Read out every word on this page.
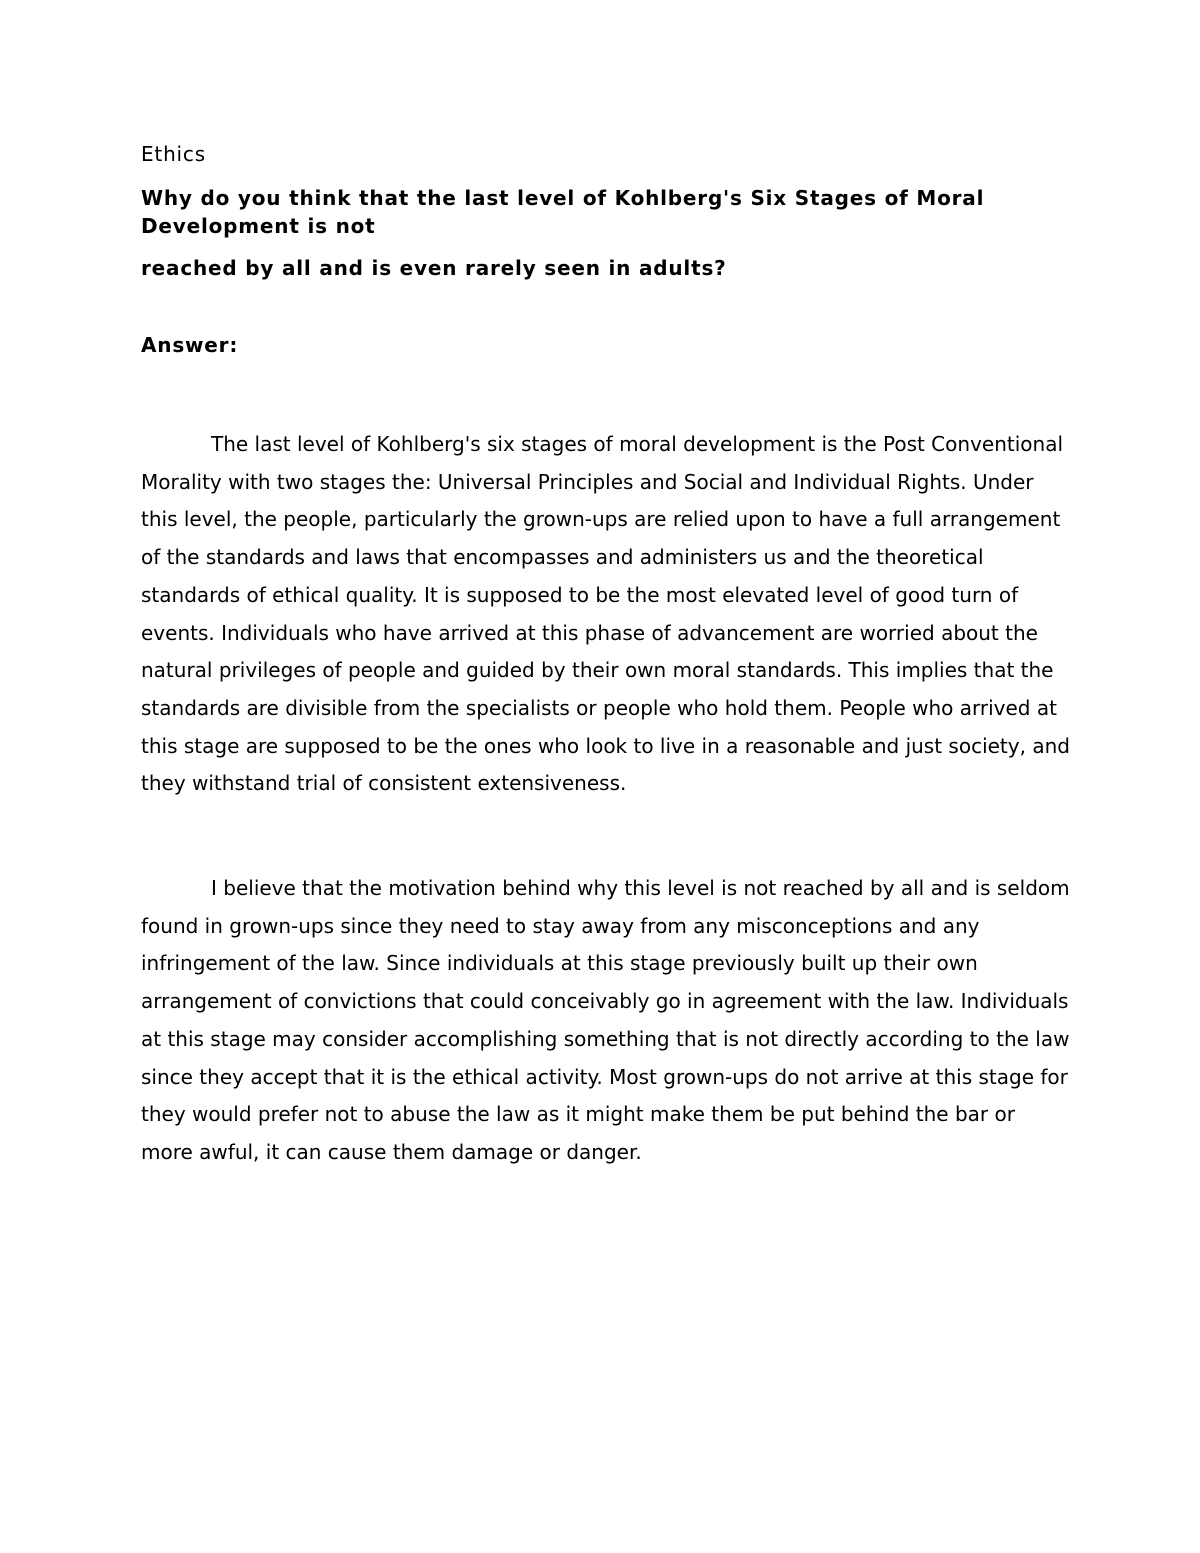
Ethics

Why do you think that the last level of Kohlberg's Six Stages of Moral Development is not

reached by all and is even rarely seen in adults?

Answer:

The last level of Kohlberg's six stages of moral development is the Post Conventional Morality with two stages the: Universal Principles and Social and Individual Rights. Under this level, the people, particularly the grown-ups are relied upon to have a full arrangement of the standards and laws that encompasses and administers us and the theoretical standards of ethical quality. It is supposed to be the most elevated level of good turn of events. Individuals who have arrived at this phase of advancement are worried about the natural privileges of people and guided by their own moral standards. This implies that the standards are divisible from the specialists or people who hold them. People who arrived at this stage are supposed to be the ones who look to live in a reasonable and just society, and they withstand trial of consistent extensiveness.

I believe that the motivation behind why this level is not reached by all and is seldom found in grown-ups since they need to stay away from any misconceptions and any infringement of the law. Since individuals at this stage previously built up their own arrangement of convictions that could conceivably go in agreement with the law. Individuals at this stage may consider accomplishing something that is not directly according to the law since they accept that it is the ethical activity. Most grown-ups do not arrive at this stage for they would prefer not to abuse the law as it might make them be put behind the bar or more awful, it can cause them damage or danger.
